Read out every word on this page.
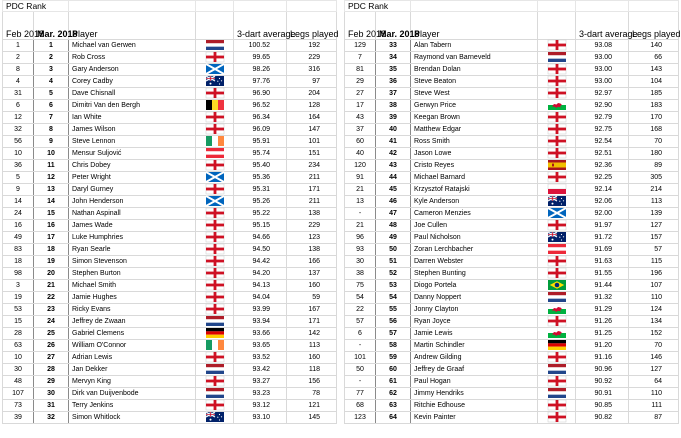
PDC Rank					
Feb 2018	Mar. 2018	Player		3-dart average	Legs played
1	1	Michael van Gerwen		100.52	192
2	2	Rob Cross		99.65	229
8	3	Gary Anderson		98.26	316
4	4	Corey Cadby		97.76	97
31	5	Dave Chisnall		96.90	204
6	6	Dimitri Van den Bergh		96.52	128
12	7	Ian White		96.34	164
32	8	James Wilson		96.09	147
56	9	Steve Lennon		95.91	101
10	10	Mensur Suljović		95.74	151
36	11	Chris Dobey		95.40	234
5	12	Peter Wright		95.36	211
9	13	Daryl Gurney		95.31	171
14	14	John Henderson		95.26	211
24	15	Nathan Aspinall		95.22	138
16	16	James Wade		95.15	229
49	17	Luke Humphries		94.66	123
83	18	Ryan Searle		94.50	138
18	19	Simon Stevenson		94.42	166
98	20	Stephen Burton		94.20	137
3	21	Michael Smith		94.13	160
19	22	Jamie Hughes		94.04	59
53	23	Ricky Evans		93.99	167
15	24	Jeffrey de Zwaan		93.94	171
28	25	Gabriel Clemens		93.66	142
63	26	William O'Connor		93.65	113
10	27	Adrian Lewis		93.52	160
30	28	Jan Dekker		93.42	118
48	29	Mervyn King		93.27	156
107	30	Dirk van Duijvenbode		93.23	78
73	31	Terry Jenkins		93.12	121
39	32	Simon Whitlock		93.10	145
PDC Rank					
Feb 2018	Mar. 2018	Player		3-dart average	Legs played
129	33	Alan Tabern		93.08	140
7	34	Raymond van Barneveld		93.00	66
81	35	Brendan Dolan		93.00	143
29	36	Steve Beaton		93.00	104
27	37	Steve West		92.97	185
17	38	Gerwyn Price		92.90	183
43	39	Keegan Brown		92.79	170
37	40	Matthew Edgar		92.75	168
60	41	Ross Smith		92.54	70
40	42	Jason Lowe		92.51	180
120	43	Cristo Reyes		92.36	89
91	44	Michael Barnard		92.25	305
21	45	Krzysztof Ratajski		92.14	214
13	46	Kyle Anderson		92.06	113
-	47	Cameron Menzies		92.00	139
21	48	Joe Cullen		91.97	127
96	49	Paul Nicholson		91.72	157
93	50	Zoran Lerchbacher		91.69	57
30	51	Darren Webster		91.63	115
38	52	Stephen Bunting		91.55	196
75	53	Diogo Portela		91.44	107
54	54	Danny Noppert		91.32	110
22	55	Jonny Clayton		91.29	124
57	56	Ryan Joyce		91.26	134
6	57	Jamie Lewis		91.25	152
-	58	Martin Schindler		91.20	70
101	59	Andrew Gilding		91.16	146
50	60	Jeffrey de Graaf		90.96	127
-	61	Paul Hogan		90.92	64
77	62	Jimmy Hendriks		90.91	110
68	63	Ritchie Edhouse		90.85	111
123	64	Kevin Painter		90.82	87
